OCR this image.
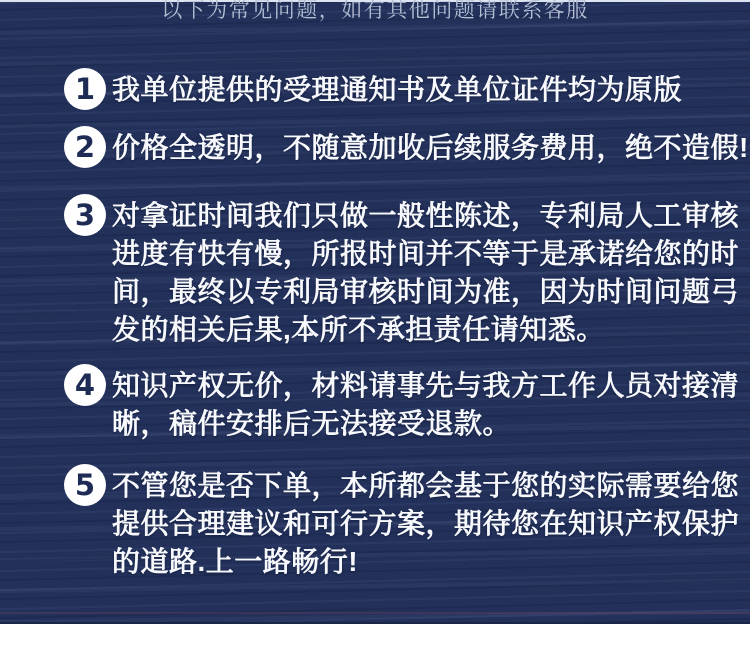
以下为常见问题，如有其他问题请联系客服
1 我单位提供的受理通知书及单位证件均为原版
2 价格全透明，不随意加收后续服务费用，绝不造假!
3 对拿证时间我们只做一般性陈述，专利局人工审核
进度有快有慢，所报时间并不等于是承诺给您的时
间，最终以专利局审核时间为准，因为时间问题弓
发的相关后果,本所不承担责任请知悉。
4 知识产权无价，材料请事先与我方工作人员对接清
晰，稿件安排后无法接受退款。
5 不管您是否下单，本所都会基于您的实际需要给您
提供合理建议和可行方案，期待您在知识产权保护
的道路.上一路畅行!
